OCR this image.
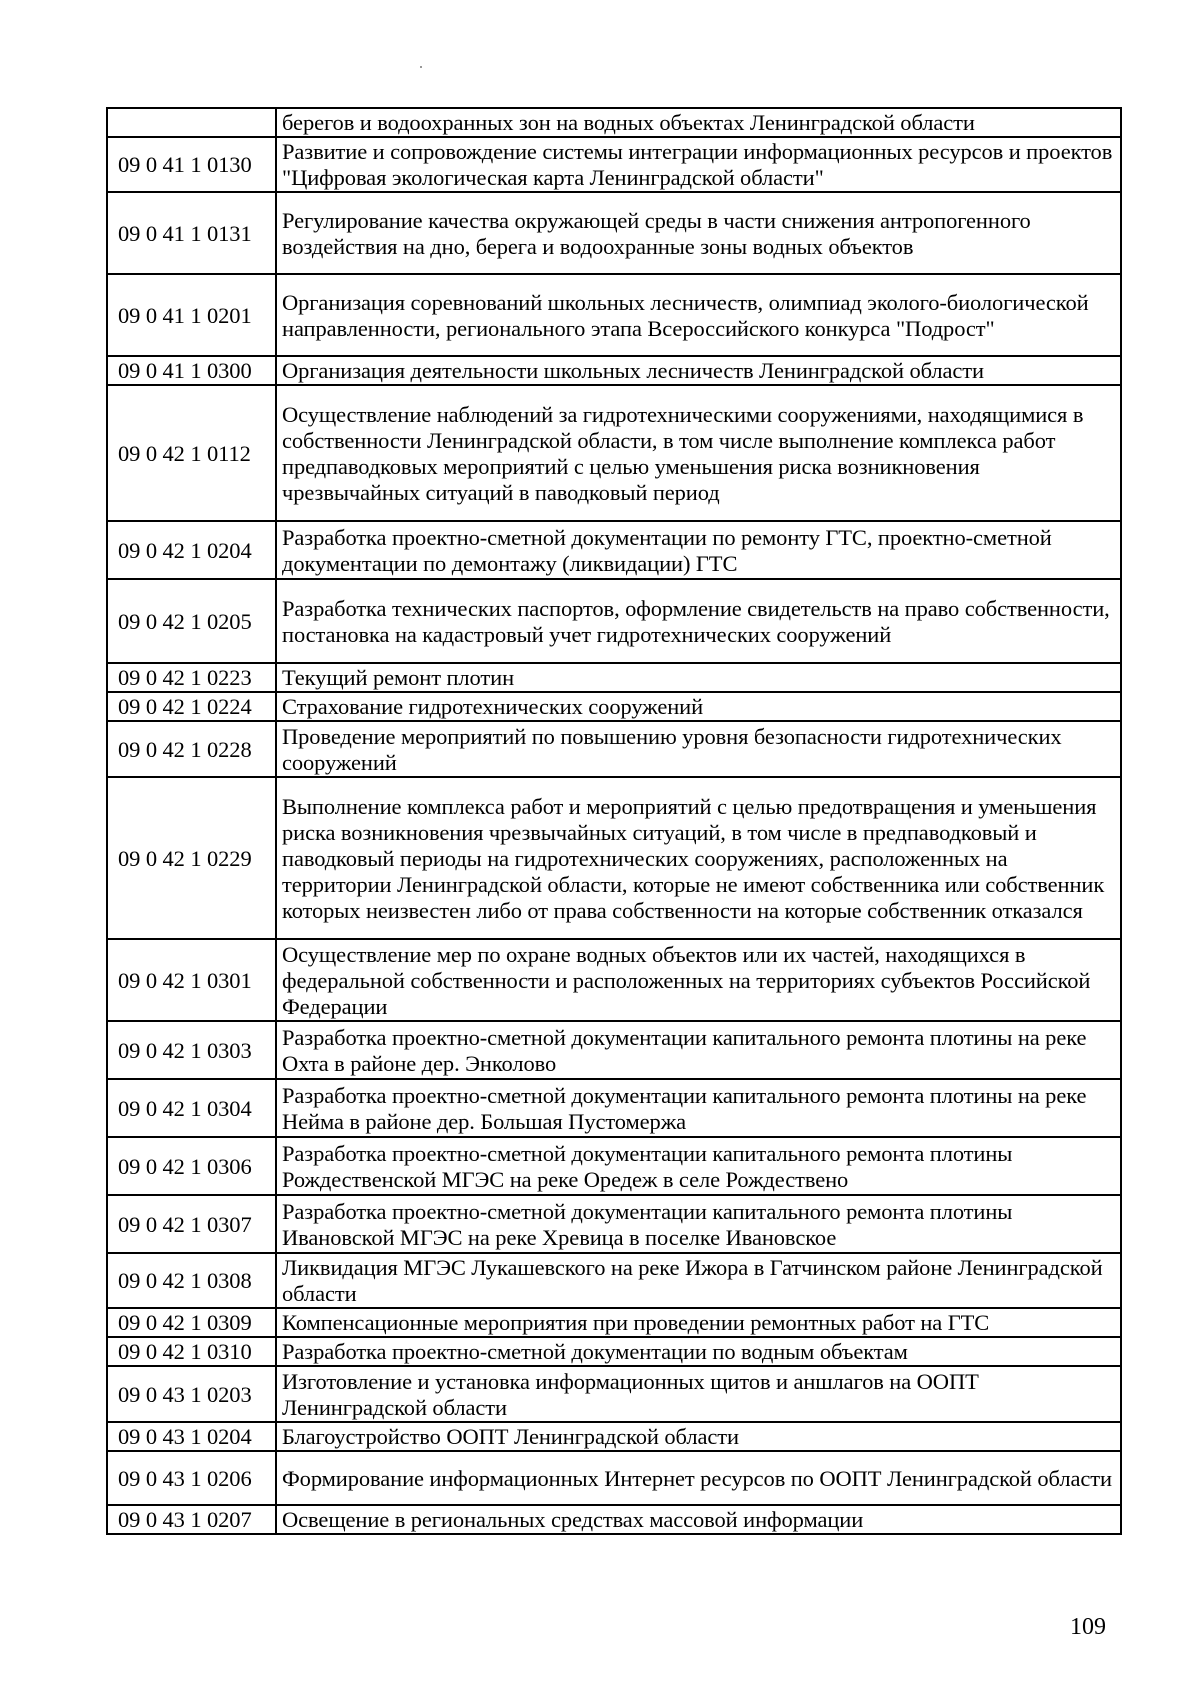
	берегов и водоохранных зон на водных объектах Ленинградской области
09 0 41 1 0130	Развитие и сопровождение системы интеграции информационных ресурсов и проектов "Цифровая экологическая карта Ленинградской области"
09 0 41 1 0131	Регулирование качества окружающей среды в части снижения антропогенного воздействия на дно, берега и водоохранные зоны водных объектов
09 0 41 1 0201	Организация соревнований школьных лесничеств, олимпиад эколого-биологической направленности, регионального этапа Всероссийского конкурса "Подрост"
09 0 41 1 0300	Организация деятельности школьных лесничеств Ленинградской области
09 0 42 1 0112	Осуществление наблюдений за гидротехническими сооружениями, находящимися в собственности Ленинградской области, в том числе выполнение комплекса работ предпаводковых мероприятий с целью уменьшения риска возникновения чрезвычайных ситуаций в паводковый период
09 0 42 1 0204	Разработка проектно-сметной документации по ремонту ГТС, проектно-сметной документации по демонтажу (ликвидации) ГТС
09 0 42 1 0205	Разработка технических паспортов, оформление свидетельств на право собственности, постановка на кадастровый учет гидротехнических сооружений
09 0 42 1 0223	Текущий ремонт плотин
09 0 42 1 0224	Страхование гидротехнических сооружений
09 0 42 1 0228	Проведение мероприятий по повышению уровня безопасности гидротехнических сооружений
09 0 42 1 0229	Выполнение комплекса работ и мероприятий с целью предотвращения и уменьшения риска возникновения чрезвычайных ситуаций, в том числе в предпаводковый и паводковый периоды на гидротехнических сооружениях, расположенных на территории Ленинградской области, которые не имеют собственника или собственник которых неизвестен либо от права собственности на которые собственник отказался
09 0 42 1 0301	Осуществление мер по охране водных объектов или их частей, находящихся в федеральной собственности и расположенных на территориях субъектов Российской Федерации
09 0 42 1 0303	Разработка проектно-сметной документации капитального ремонта плотины на реке Охта в районе дер. Энколово
09 0 42 1 0304	Разработка проектно-сметной документации капитального ремонта плотины на реке Нейма в районе дер. Большая Пустомержа
09 0 42 1 0306	Разработка проектно-сметной документации капитального ремонта плотины Рождественской МГЭС на реке Оредеж в селе Рождествено
09 0 42 1 0307	Разработка проектно-сметной документации капитального ремонта плотины Ивановской МГЭС на реке Хревица в поселке Ивановское
09 0 42 1 0308	Ликвидация МГЭС Лукашевского на реке Ижора в Гатчинском районе Ленинградской области
09 0 42 1 0309	Компенсационные мероприятия при проведении ремонтных работ на ГТС
09 0 42 1 0310	Разработка проектно-сметной документации по водным объектам
09 0 43 1 0203	Изготовление и установка информационных щитов и аншлагов на ООПТ Ленинградской области
09 0 43 1 0204	Благоустройство ООПТ Ленинградской области
09 0 43 1 0206	Формирование информационных Интернет ресурсов по ООПТ Ленинградской области
09 0 43 1 0207	Освещение в региональных средствах массовой информации
109
